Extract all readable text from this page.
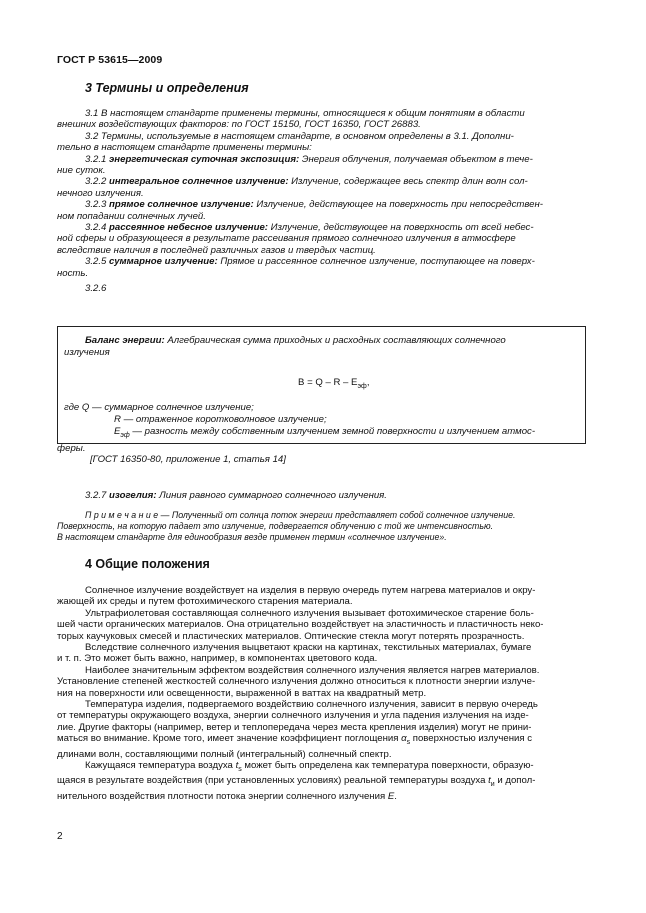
ГОСТ Р 53615—2009
3 Термины и определения
3.1 В настоящем стандарте применены термины, относящиеся к общим понятиям в области
внешних воздействующих факторов: по ГОСТ 15150, ГОСТ 16350, ГОСТ 26883.
3.2 Термины, используемые в настоящем стандарте, в основном определены в 3.1. Дополни-
тельно в настоящем стандарте применены термины:
3.2.1 энергетическая суточная экспозиция: Энергия облучения, получаемая объектом в тече-
ние суток.
3.2.2 интегральное солнечное излучение: Излучение, содержащее весь спектр длин волн сол-
нечного излучения.
3.2.3 прямое солнечное излучение: Излучение, действующее на поверхность при непосредствен-
ном попадании солнечных лучей.
3.2.4 рассеянное небесное излучение: Излучение, действующее на поверхность от всей небес-
ной сферы и образующееся в результате рассеивания прямого солнечного излучения в атмосфере
вследствие наличия в последней различных газов и твердых частиц.
3.2.5 суммарное излучение: Прямое и рассеянное солнечное излучение, поступающее на поверх-
ность.
3.2.6
Баланс энергии: Алгебраическая сумма приходных и расходных составляющих солнечного
излучения
$B = Q - R - E_{эф}$,
где Q — суммарное солнечное излучение;
R — отраженное коротковолновое излучение;
$E_{эф}$ — разность между собственным излучением земной поверхности и излучением атмос-
феры.
[ГОСТ 16350-80, приложение 1, статья 14]
3.2.7 изогелия: Линия равного суммарного солнечного излучения.
П р и м е ч а н и е — Полученный от солнца поток энергии представляет собой солнечное излучение.
Поверхность, на которую падает это излучение, подвергается облучению с той же интенсивностью.
В настоящем стандарте для единообразия везде применен термин «солнечное излучение».
4 Общие положения
Солнечное излучение воздействует на изделия в первую очередь путем нагрева материалов и окру-
жающей их среды и путем фотохимического старения материала.
Ультрафиолетовая составляющая солнечного излучения вызывает фотохимическое старение боль-
шей части органических материалов. Она отрицательно воздействует на эластичность и пластичность неко-
торых каучуковых смесей и пластических материалов. Оптические стекла могут потерять прозрачность.
Вследствие солнечного излучения выцветают краски на картинах, текстильных материалах, бумаге
и т. п. Это может быть важно, например, в компонентах цветового кода.
Наиболее значительным эффектом воздействия солнечного излучения является нагрев материалов.
Установление степеней жесткостей солнечного излучения должно относиться к плотности энергии излуче-
ния на поверхности или освещенности, выраженной в ваттах на квадратный метр.
Температура изделия, подвергаемого воздействию солнечного излучения, зависит в первую очередь
от температуры окружающего воздуха, энергии солнечного излучения и угла падения излучения на изде-
лие. Другие факторы (например, ветер и теплопередача через места крепления изделия) могут не прини-
маться во внимание. Кроме того, имеет значение коэффициент поглощения $\alpha_s$ поверхностью излучения с
длинами волн, составляющими полный (интегральный) солнечный спектр.
Кажущаяся температура воздуха $t_s$ может быть определена как температура поверхности, образую-
щаяся в результате воздействия (при установленных условиях) реальной температуры воздуха $t_и$ и допол-
нительного воздействия плотности потока энергии солнечного излучения E.
2
